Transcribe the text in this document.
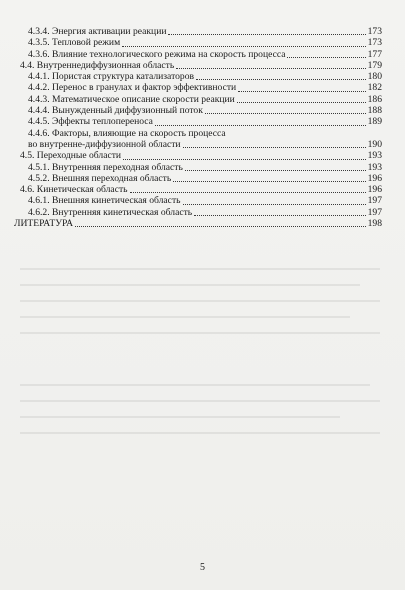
4.3.4. Энергия активации реакции	173
4.3.5. Тепловой режим	173
4.3.6. Влияние технологического режима на скорость процесса	177
4.4. Внутреннедиффузионная область	179
4.4.1. Пористая структура катализаторов	180
4.4.2. Перенос в гранулах и фактор эффективности	182
4.4.3. Математическое описание скорости реакции	186
4.4.4. Вынужденный диффузионный поток	188
4.4.5. Эффекты теплопереноса	189
4.4.6. Факторы, влияющие на скорость процесса
во внутренне-диффузионной области	190
4.5. Переходные области	193
4.5.1. Внутренняя переходная область	193
4.5.2. Внешняя переходная область	196
4.6. Кинетическая область	196
4.6.1. Внешняя кинетическая область	197
4.6.2. Внутренняя кинетическая область	197
ЛИТЕРАТУРА	198
5
